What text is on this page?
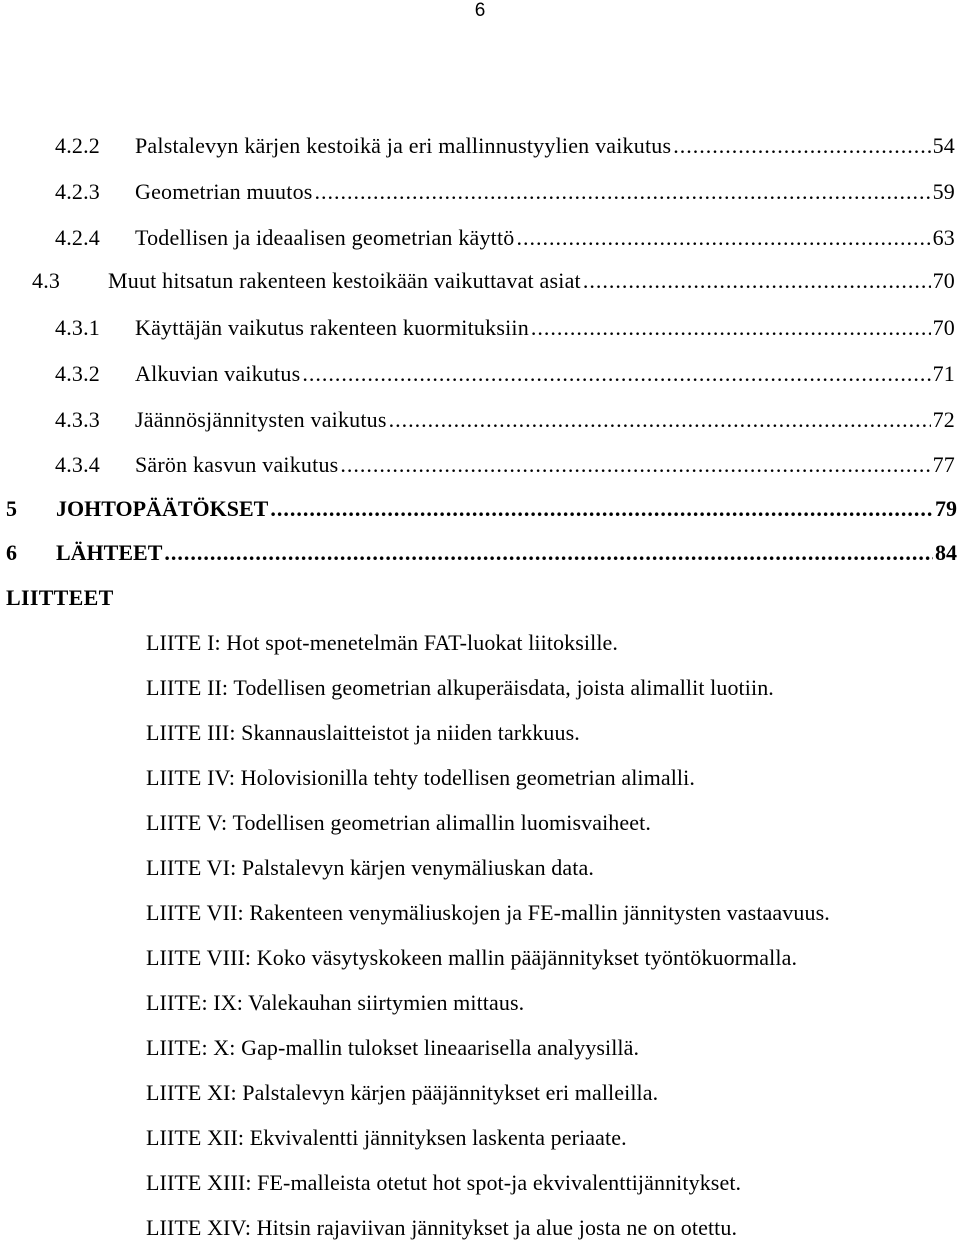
6
4.2.2	Palstalevyn kärjen kestoikä ja eri mallinnustyylien vaikutus .....	54
4.2.3	Geometrian muutos .....	59
4.2.4	Todellisen ja ideaalisen geometrian käyttö .....	63
4.3	Muut hitsatun rakenteen kestoikään vaikuttavat asiat .....	70
4.3.1	Käyttäjän vaikutus rakenteen kuormituksiin .....	70
4.3.2	Alkuvian vaikutus .....	71
4.3.3	Jäännösjännitysten vaikutus .....	72
4.3.4	Särön kasvun vaikutus .....	77
5	JOHTOPÄÄTÖKSET .....	79
6	LÄHTEET .....	84
LIITTEET
LIITE I: Hot spot-menetelmän FAT-luokat liitoksille.
LIITE II: Todellisen geometrian alkuperäisdata, joista alimallit luotiin.
LIITE III: Skannauslaitteistot ja niiden tarkkuus.
LIITE IV: Holovisionilla tehty todellisen geometrian alimalli.
LIITE V: Todellisen geometrian alimallin luomisvaiheet.
LIITE VI: Palstalevyn kärjen venymäliuskan data.
LIITE VII: Rakenteen venymäliuskojen ja FE-mallin jännitysten vastaavuus.
LIITE VIII: Koko väsytyskokeen mallin pääjännitykset työntökuormalla.
LIITE: IX: Valekauhan siirtymien mittaus.
LIITE: X: Gap-mallin tulokset lineaarisella analyysillä.
LIITE XI: Palstalevyn kärjen pääjännitykset eri malleilla.
LIITE XII: Ekvivalentti jännityksen laskenta periaate.
LIITE XIII: FE-malleista otetut hot spot-ja ekvivalenttijännitykset.
LIITE XIV: Hitsin rajaviivan jännitykset ja alue josta ne on otettu.
